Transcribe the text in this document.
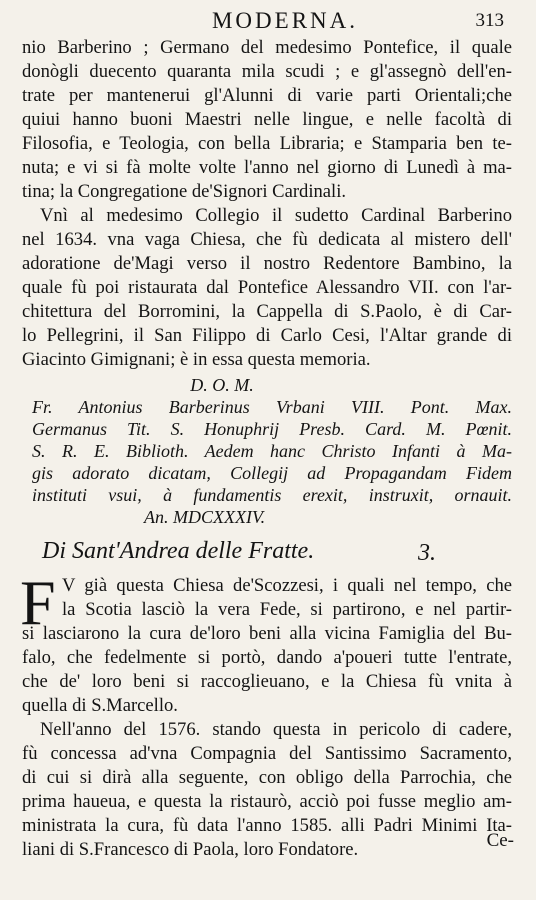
MODERNA.	313
nio Barberino ; Germano del medesimo Pontefice, il quale
donògli duecento quaranta mila scudi ; e gl'assegnò dell'en-
trate per mantenerui gl'Alunni di varie parti Orientali;che
quiui hanno buoni Maestri nelle lingue, e nelle facoltà di
Filosofia, e Teologia, con bella Libraria; e Stamparia ben te-
nuta; e vi si fà molte volte l'anno nel giorno di Lunedì à ma-
tina; la Congregatione de'Signori Cardinali.
Vnì al medesimo Collegio il sudetto Cardinal Barberino
nel 1634. vna vaga Chiesa, che fù dedicata al mistero dell'
adoratione de'Magi verso il nostro Redentore Bambino, la
quale fù poi ristaurata dal Pontefice Alessandro VII. con l'ar-
chitettura del Borromini, la Cappella di S.Paolo, è di Car-
lo Pellegrini, il San Filippo di Carlo Cesi, l'Altar grande di
Giacinto Gimignani; è in essa questa memoria.
D. O. M.
Fr. Antonius Barberinus Vrbani VIII. Pont. Max.
Germanus Tit. S. Honuphrij Presb. Card. M. Pœnit.
S. R. E. Biblioth. Aedem hanc Christo Infanti à Ma-
gis adorato dicatam, Collegij ad Propagandam Fidem
instituti vsui, à fundamentis erexit, instruxit, ornauit.
An. MDCXXXIV.
Di Sant'Andrea delle Fratte.	3.
F V già questa Chiesa de'Scozzesi, i quali nel tempo, che
la Scotia lasciò la vera Fede, si partirono, e nel partir-
si lasciarono la cura de'loro beni alla vicina Famiglia del Bu-
falo, che fedelmente si portò, dando a'poueri tutte l'entrate,
che de' loro beni si raccoglieuano, e la Chiesa fù vnita à
quella di S.Marcello.
Nell'anno del 1576. stando questa in pericolo di cadere,
fù concessa ad'vna Compagnia del Santissimo Sacramento,
di cui si dirà alla seguente, con obligo della Parrochia, che
prima haueua, e questa la ristaurò, acciò poi fusse meglio am-
ministrata la cura, fù data l'anno 1585. alli Padri Minimi Ita-
liani di S.Francesco di Paola, loro Fondatore.	Ce-
